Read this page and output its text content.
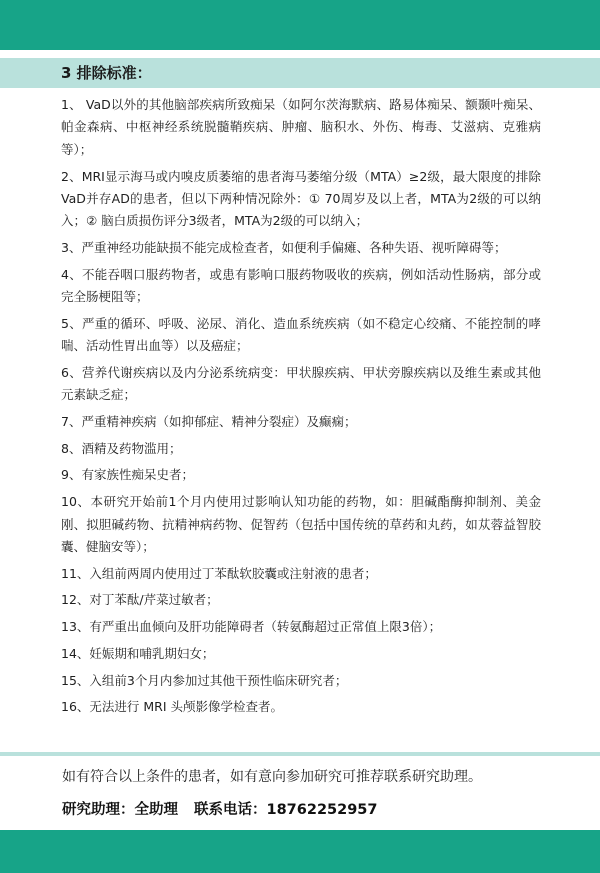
3 排除标准：
1、 VaD以外的其他脑部疾病所致痴呆（如阿尔茨海默病、路易体痴呆、额颞叶痴呆、帕金森病、中枢神经系统脱髓鞘疾病、肿瘤、脑积水、外伤、梅毒、艾滋病、克雅病等）；
2、MRI显示海马或内嗅皮质萎缩的患者海马萎缩分级（MTA）≥2级，最大限度的排除VaD并存AD的患者，但以下两种情况除外：① 70周岁及以上者，MTA为2级的可以纳入；② 脑白质损伤评分3级者，MTA为2级的可以纳入；
3、严重神经功能缺损不能完成检查者，如便利手偏瘫、各种失语、视听障碍等；
4、不能吞咽口服药物者，或患有影响口服药物吸收的疾病，例如活动性肠病，部分或完全肠梗阻等；
5、严重的循环、呼吸、泌尿、消化、造血系统疾病（如不稳定心绞痛、不能控制的哮喘、活动性胃出血等）以及癌症；
6、营养代谢疾病以及内分泌系统病变：甲状腺疾病、甲状旁腺疾病以及维生素或其他元素缺乏症；
7、严重精神疾病（如抑郁症、精神分裂症）及癫痫；
8、酒精及药物滥用；
9、有家族性痴呆史者；
10、本研究开始前1个月内使用过影响认知功能的药物，如：胆碱酯酶抑制剂、美金刚、拟胆碱药物、抗精神病药物、促智药（包括中国传统的草药和丸药，如苁蓉益智胶囊、健脑安等）；
11、入组前两周内使用过丁苯酞软胶囊或注射液的患者；
12、对丁苯酞/芹菜过敏者；
13、有严重出血倾向及肝功能障碍者（转氨酶超过正常值上限3倍）；
14、妊娠期和哺乳期妇女；
15、入组前3个月内参加过其他干预性临床研究者；
16、无法进行 MRI 头颅影像学检查者。
如有符合以上条件的患者，如有意向参加研究可推荐联系研究助理。
研究助理：全助理 联系电话：18762252957
